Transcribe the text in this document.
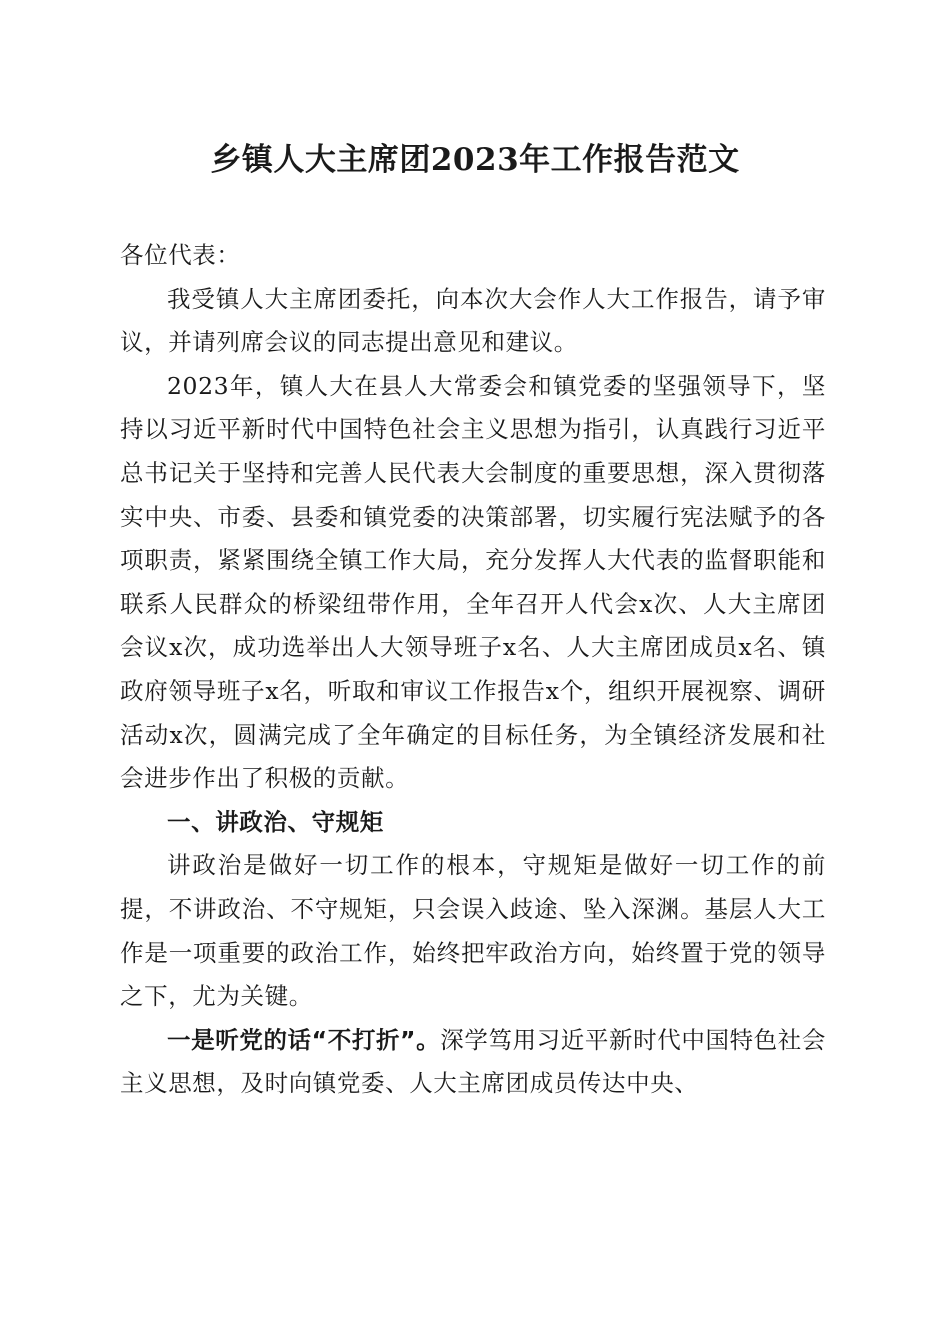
乡镇人大主席团2023年工作报告范文

各位代表：

我受镇人大主席团委托，向本次大会作人大工作报告，请予审议，并请列席会议的同志提出意见和建议。

2023年，镇人大在县人大常委会和镇党委的坚强领导下，坚持以习近平新时代中国特色社会主义思想为指引，认真践行习近平总书记关于坚持和完善人民代表大会制度的重要思想，深入贯彻落实中央、市委、县委和镇党委的决策部署，切实履行宪法赋予的各项职责，紧紧围绕全镇工作大局，充分发挥人大代表的监督职能和联系人民群众的桥梁纽带作用，全年召开人代会x次、人大主席团会议x次，成功选举出人大领导班子x名、人大主席团成员x名、镇政府领导班子x名，听取和审议工作报告x个，组织开展视察、调研活动x次，圆满完成了全年确定的目标任务，为全镇经济发展和社会进步作出了积极的贡献。

一、讲政治、守规矩

讲政治是做好一切工作的根本，守规矩是做好一切工作的前提，不讲政治、不守规矩，只会误入歧途、坠入深渊。基层人大工作是一项重要的政治工作，始终把牢政治方向，始终置于党的领导之下，尤为关键。

一是听党的话“不打折”。深学笃用习近平新时代中国特色社会主义思想，及时向镇党委、人大主席团成员传达中央、
